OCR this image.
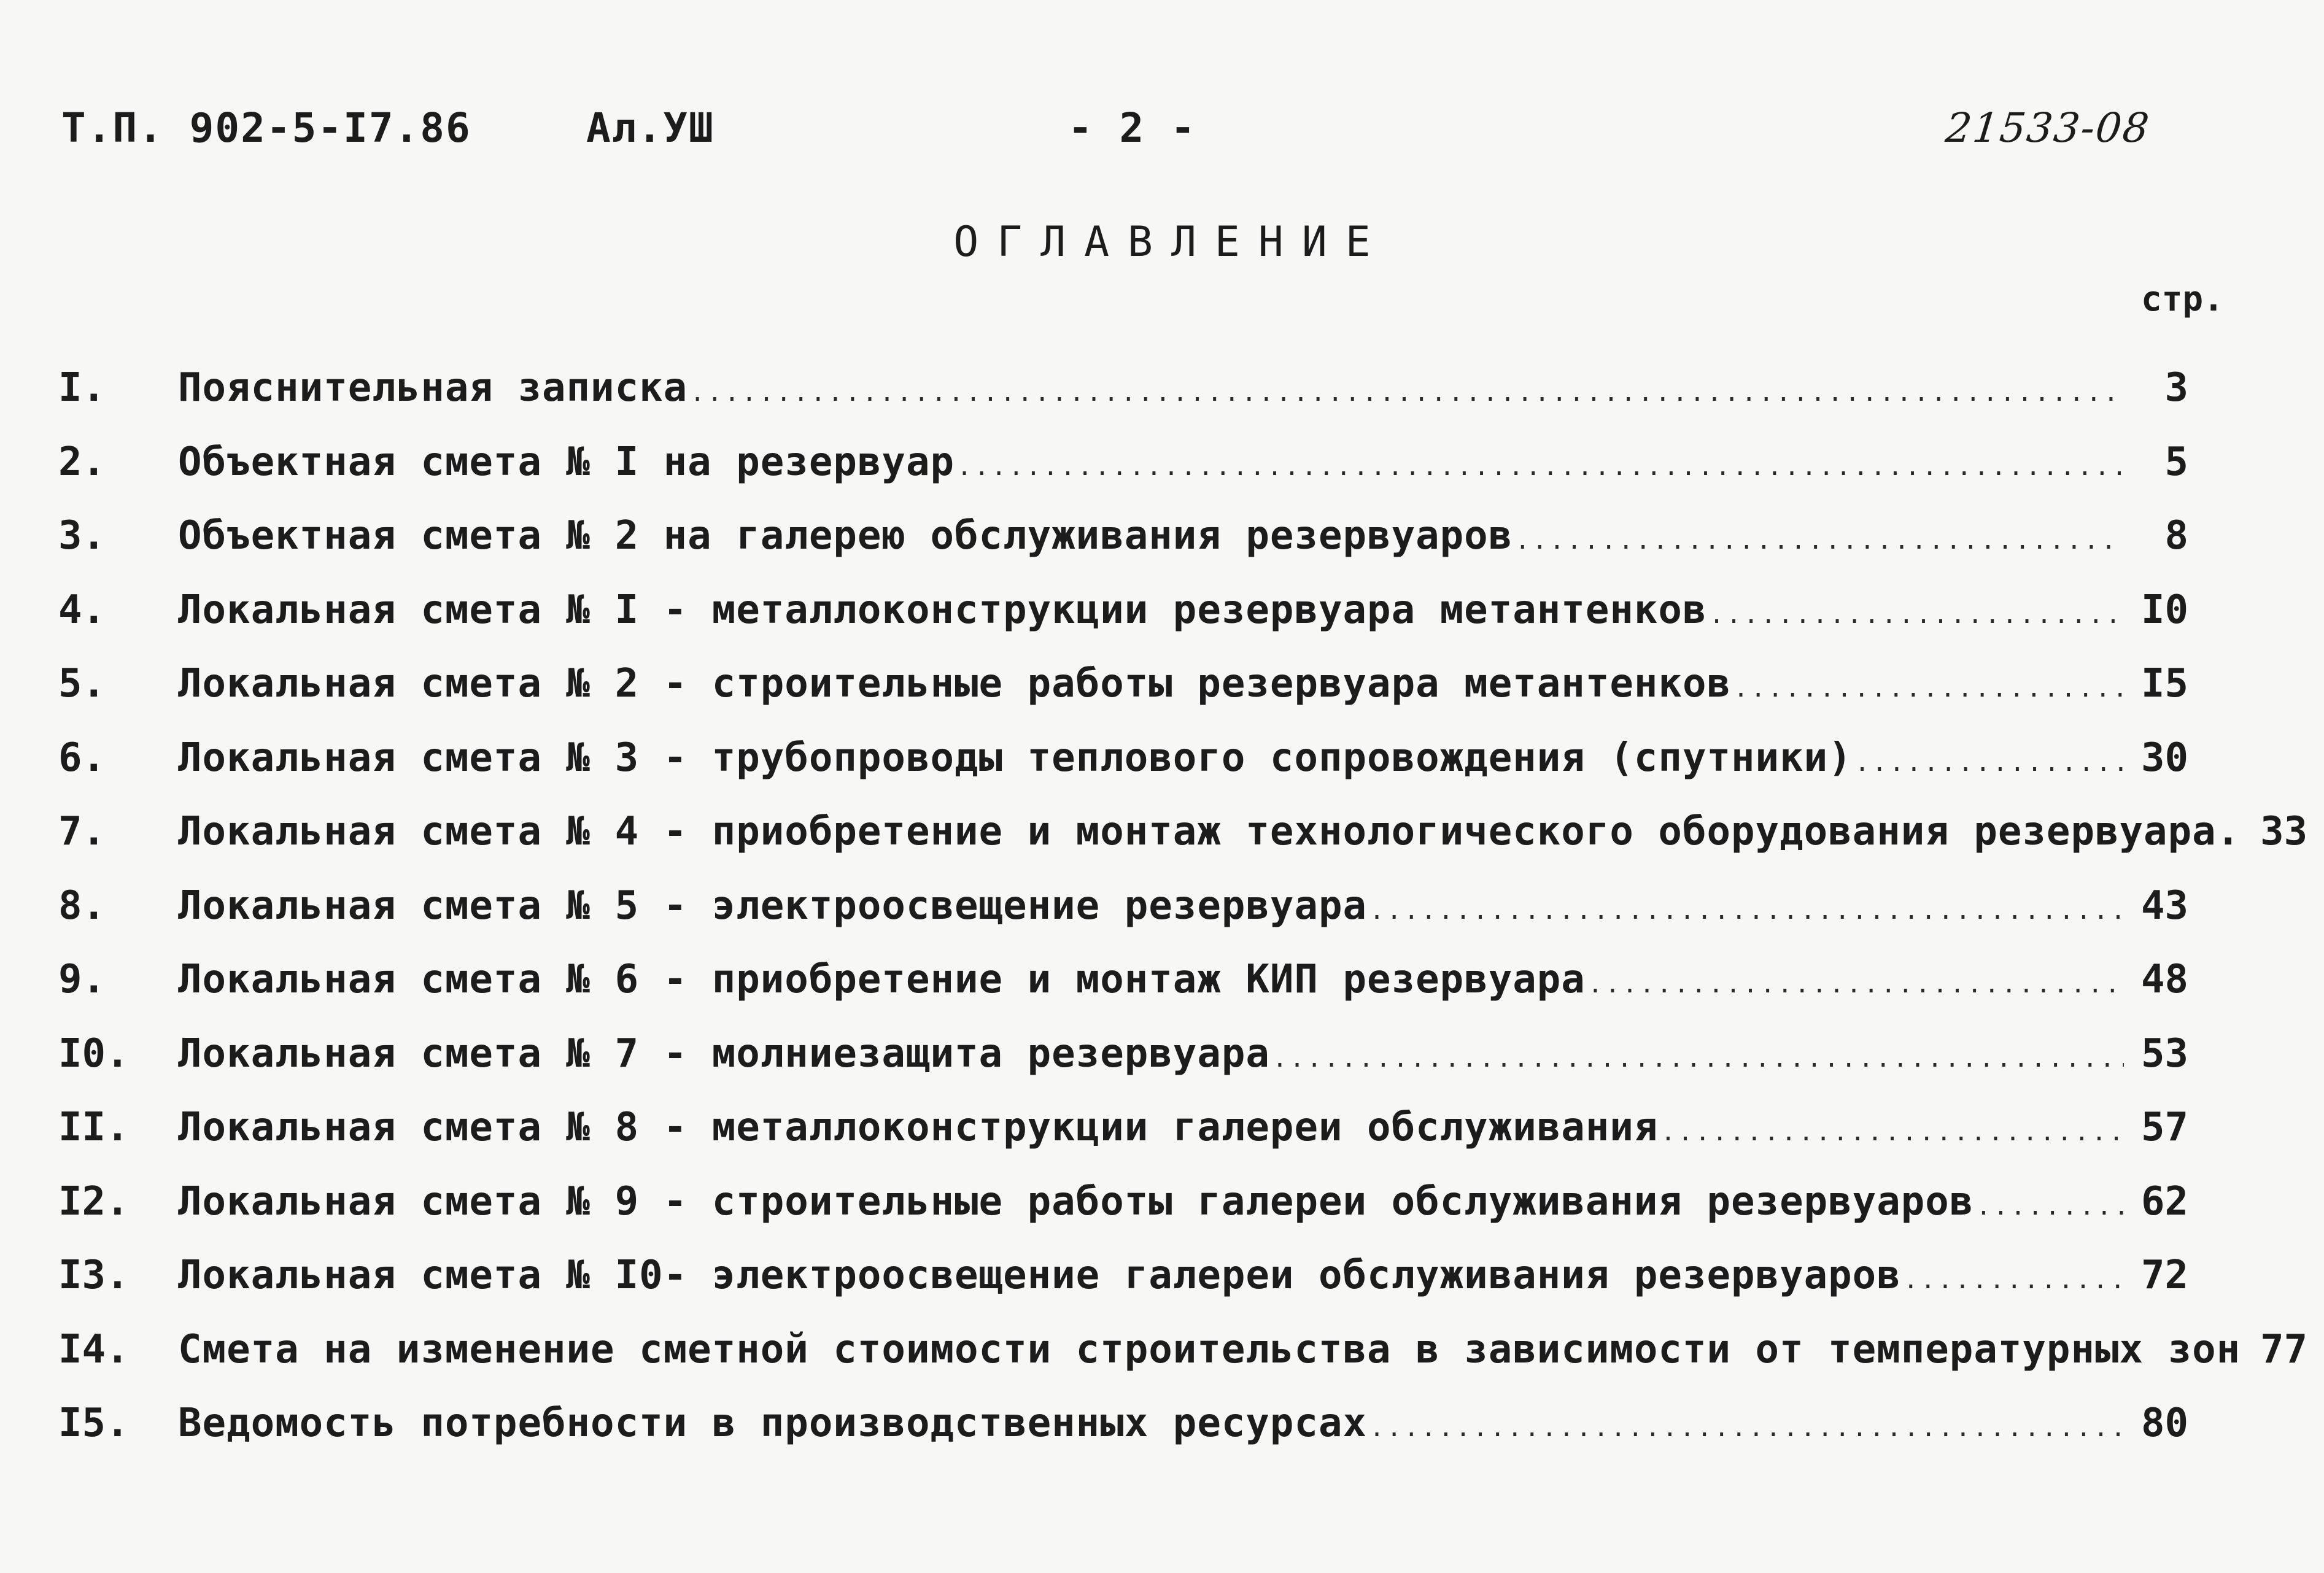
Т.П. 902-5-I7.86	Ал.УШ	- 2 -	21533-08
ОГЛАВЛЕНИЕ
стр.
I.	Пояснительная записка .....	3
2.	Объектная смета № I на резервуар .....	5
3.	Объектная смета № 2 на галерею обслуживания резервуаров .....	8
4.	Локальная смета № I - металлоконструкции резервуара метантенков .....	I0
5.	Локальная смета № 2 - строительные работы резервуара метантенков .....	I5
6.	Локальная смета № 3 - трубопроводы теплового сопровождения (спутники) .....	30
7.	Локальная смета № 4 - приобретение и монтаж технологического оборудования резервуара. 33
8.	Локальная смета № 5 - электроосвещение резервуара .....	43
9.	Локальная смета № 6 - приобретение и монтаж КИП резервуара .....	48
I0.	Локальная смета № 7 - молниезащита резервуара .....	53
II.	Локальная смета № 8 - металлоконструкции галереи обслуживания .....	57
I2.	Локальная смета № 9 - строительные работы галереи обслуживания резервуаров .....	62
I3.	Локальная смета № I0- электроосвещение галереи обслуживания резервуаров .....	72
I4.	Смета на изменение сметной стоимости строительства в зависимости от температурных зон 77
I5.	Ведомость потребности в производственных ресурсах .....	80
